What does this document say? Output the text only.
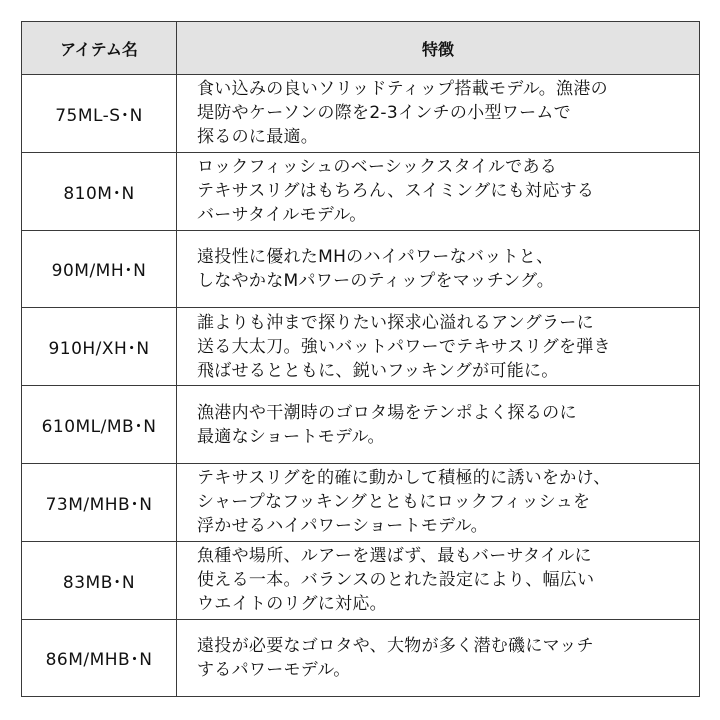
アイテム名	特徴
75ML-S･N	食い込みの良いソリッドティップ搭載モデル。漁港の
堤防やケーソンの際を2-3インチの小型ワームで
探るのに最適。
810M･N	ロックフィッシュのベーシックスタイルである
テキサスリグはもちろん、スイミングにも対応する
バーサタイルモデル。
90M/MH･N	遠投性に優れたMHのハイパワーなバットと、
しなやかなMパワーのティップをマッチング。
910H/XH･N	誰よりも沖まで探りたい探求心溢れるアングラーに
送る大太刀。強いバットパワーでテキサスリグを弾き
飛ばせるとともに、鋭いフッキングが可能に。
610ML/MB･N	漁港内や干潮時のゴロタ場をテンポよく探るのに
最適なショートモデル。
73M/MHB･N	テキサスリグを的確に動かして積極的に誘いをかけ、
シャープなフッキングとともにロックフィッシュを
浮かせるハイパワーショートモデル。
83MB･N	魚種や場所、ルアーを選ばず、最もバーサタイルに
使える一本。バランスのとれた設定により、幅広い
ウエイトのリグに対応。
86M/MHB･N	遠投が必要なゴロタや、大物が多く潜む磯にマッチ
するパワーモデル。
